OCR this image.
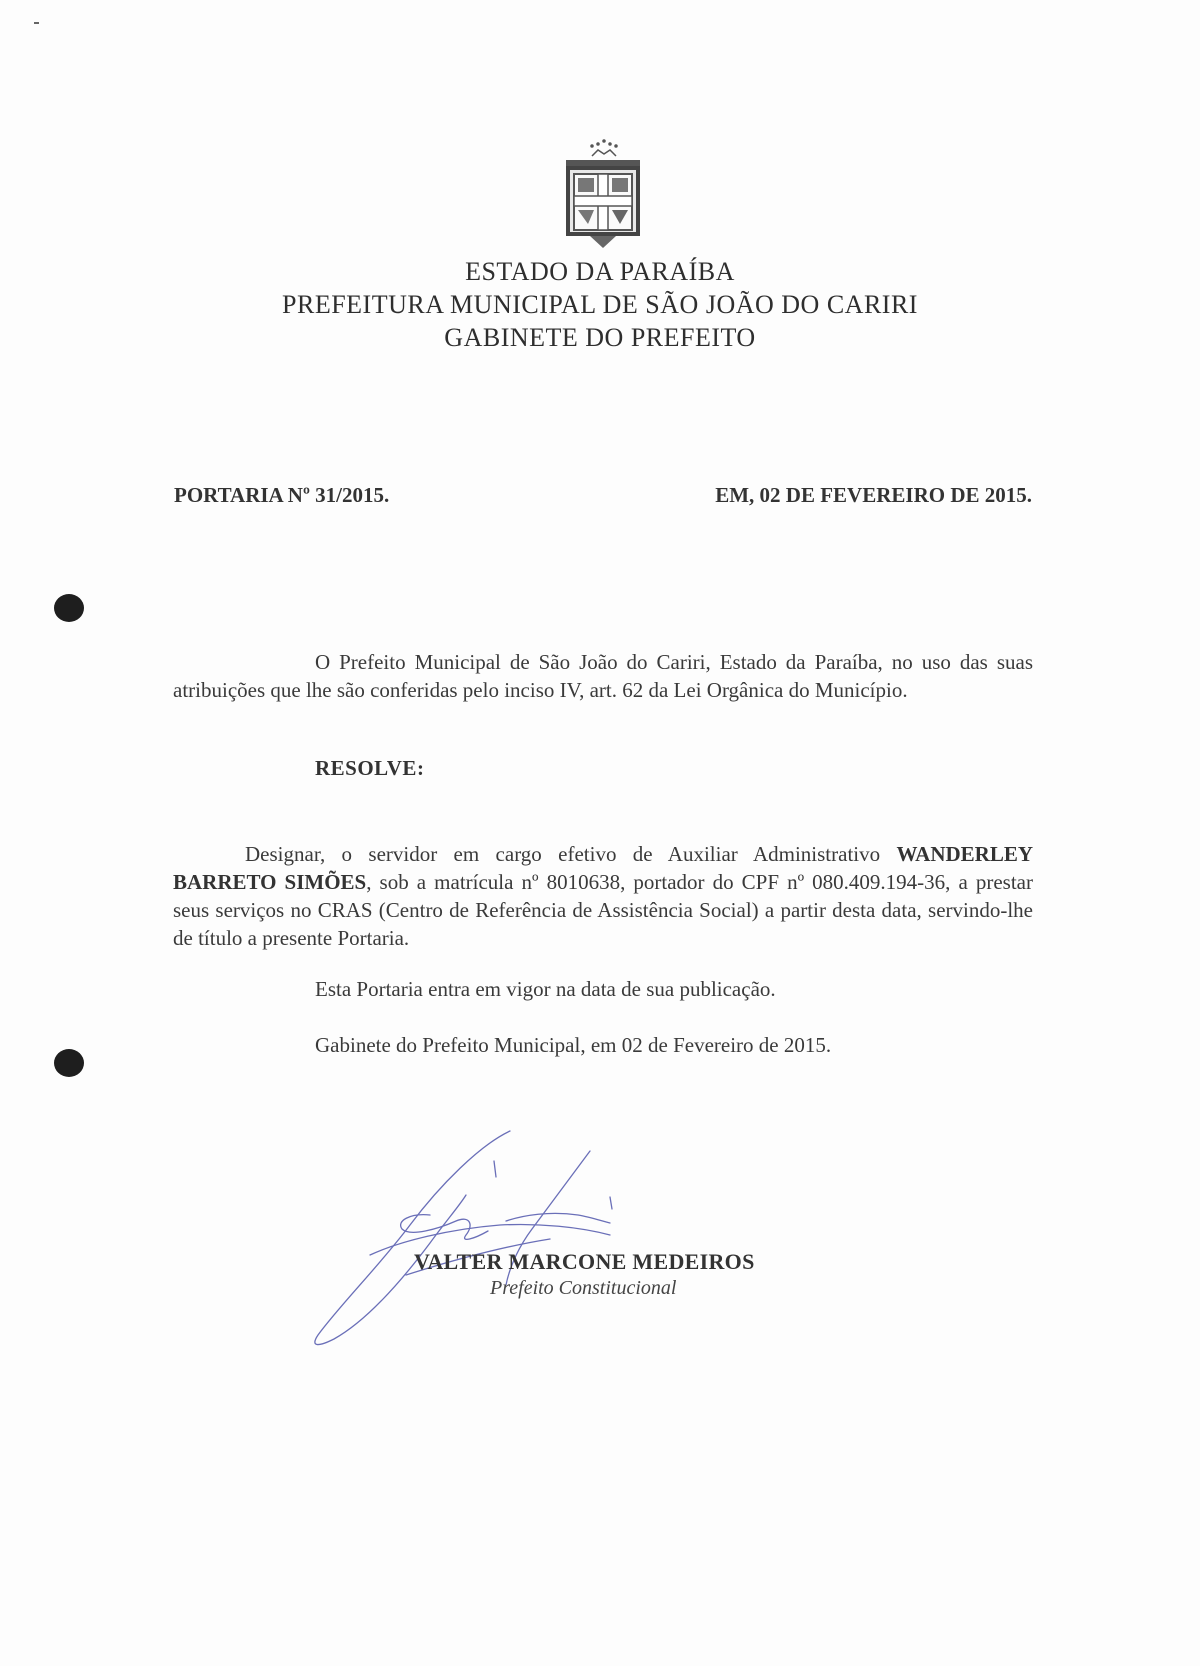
ESTADO DA PARAÍBA
PREFEITURA MUNICIPAL DE SÃO JOÃO DO CARIRI
GABINETE DO PREFEITO
PORTARIA Nº 31/2015.	EM, 02 DE FEVEREIRO DE 2015.
O Prefeito Municipal de São João do Cariri, Estado da Paraíba, no uso das suas atribuições que lhe são conferidas pelo inciso IV, art. 62 da Lei Orgânica do Município.
RESOLVE:
Designar, o servidor em cargo efetivo de Auxiliar Administrativo WANDERLEY BARRETO SIMÕES, sob a matrícula nº 8010638, portador do CPF nº 080.409.194-36, a prestar seus serviços no CRAS (Centro de Referência de Assistência Social) a partir desta data, servindo-lhe de título a presente Portaria.
Esta Portaria entra em vigor na data de sua publicação.
Gabinete do Prefeito Municipal, em 02 de Fevereiro de 2015.
VALTER MARCONE MEDEIROS
Prefeito Constitucional
